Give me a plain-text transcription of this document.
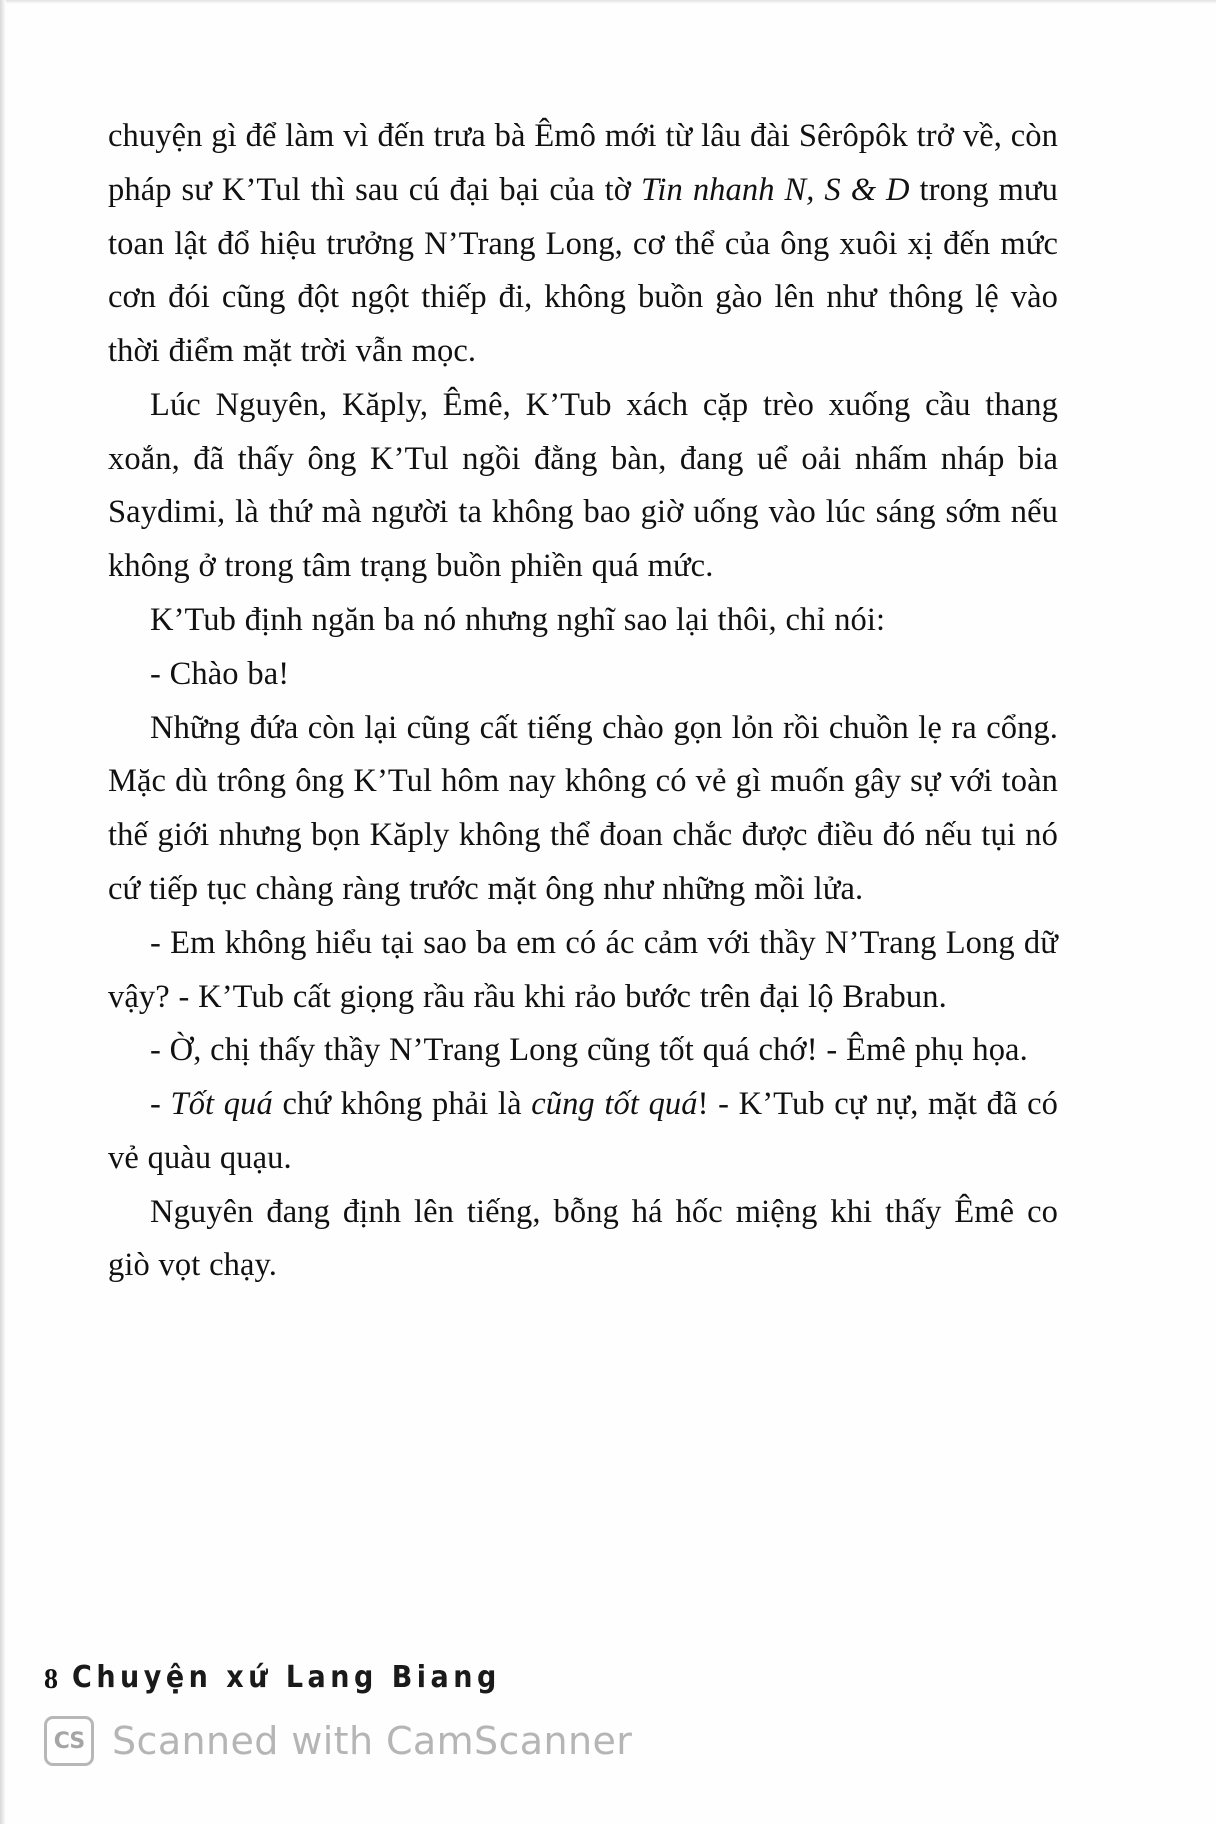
chuyện gì để làm vì đến trưa bà Êmô mới từ lâu đài Sêrôpôk trở về, còn pháp sư K’Tul thì sau cú đại bại của tờ Tin nhanh N, S & D trong mưu toan lật đổ hiệu trưởng N’Trang Long, cơ thể của ông xuôi xị đến mức cơn đói cũng đột ngột thiếp đi, không buồn gào lên như thông lệ vào thời điểm mặt trời vẫn mọc.

Lúc Nguyên, Kăply, Êmê, K’Tub xách cặp trèo xuống cầu thang xoắn, đã thấy ông K’Tul ngồi đằng bàn, đang uể oải nhấm nháp bia Saydimi, là thứ mà người ta không bao giờ uống vào lúc sáng sớm nếu không ở trong tâm trạng buồn phiền quá mức.

K’Tub định ngăn ba nó nhưng nghĩ sao lại thôi, chỉ nói:

- Chào ba!

Những đứa còn lại cũng cất tiếng chào gọn lỏn rồi chuồn lẹ ra cổng. Mặc dù trông ông K’Tul hôm nay không có vẻ gì muốn gây sự với toàn thế giới nhưng bọn Kăply không thể đoan chắc được điều đó nếu tụi nó cứ tiếp tục chàng ràng trước mặt ông như những mồi lửa.

- Em không hiểu tại sao ba em có ác cảm với thầy N’Trang Long dữ vậy? - K’Tub cất giọng rầu rầu khi rảo bước trên đại lộ Brabun.

- Ờ, chị thấy thầy N’Trang Long cũng tốt quá chớ! - Êmê phụ họa.

- Tốt quá chứ không phải là cũng tốt quá! - K’Tub cự nự, mặt đã có vẻ quàu quạu.

Nguyên đang định lên tiếng, bỗng há hốc miệng khi thấy Êmê co giò vọt chạy.

8 Chuyện xứ Lang Biang
CS Scanned with CamScanner
